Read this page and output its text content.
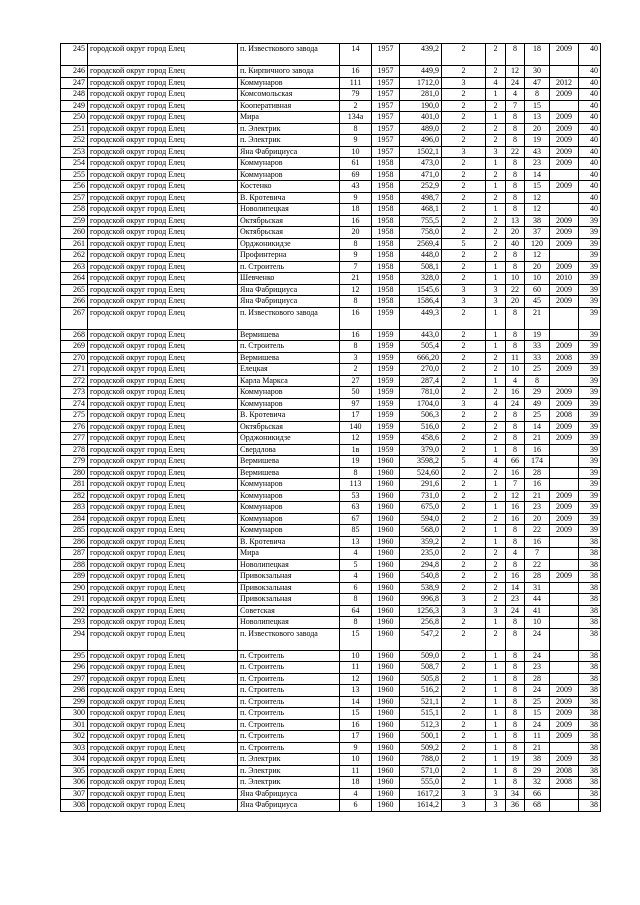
245	городской округ город Елец	п. Известкового завода	14	1957	439,2	2	2	8	18	2009	40
246	городской округ город Елец	п. Кирпичного завода	16	1957	449,9	2	2	12	30		40
247	городской округ город Елец	Коммунаров	111	1957	1712,0	3	4	24	47	2012	40
248	городской округ город Елец	Комсомольская	79	1957	281,0	2	1	4	8	2009	40
249	городской округ город Елец	Кооперативная	2	1957	190,0	2	2	7	15		40
250	городской округ город Елец	Мира	134а	1957	401,0	2	1	8	13	2009	40
251	городской округ город Елец	п. Электрик	8	1957	489,0	2	2	8	20	2009	40
252	городской округ город Елец	п. Электрик	9	1957	496,0	2	2	8	19	2009	40
253	городской округ город Елец	Яна Фабрициуса	10	1957	1502,1	3	3	22	43	2009	40
254	городской округ город Елец	Коммунаров	61	1958	473,0	2	1	8	23	2009	40
255	городской округ город Елец	Коммунаров	69	1958	471,0	2	2	8	14		40
256	городской округ город Елец	Костенко	43	1958	252,9	2	1	8	15	2009	40
257	городской округ город Елец	В. Кротевича	9	1958	498,7	2	2	8	12		40
258	городской округ город Елец	Новолипецкая	18	1958	468,1	2	1	8	12		40
259	городской округ город Елец	Октябрьская	16	1958	755,5	2	2	13	38	2009	39
260	городской округ город Елец	Октябрьская	20	1958	758,0	2	2	20	37	2009	39
261	городской округ город Елец	Орджоникидзе	8	1958	2569,4	5	2	40	120	2009	39
262	городской округ город Елец	Профинтерна	9	1958	448,0	2	2	8	12		39
263	городской округ город Елец	п. Строитель	7	1958	508,1	2	1	8	20	2009	39
264	городской округ город Елец	Шевченко	21	1958	328,0	2	1	10	10	2010	39
265	городской округ город Елец	Яна Фабрициуса	12	1958	1545,6	3	3	22	60	2009	39
266	городской округ город Елец	Яна Фабрициуса	8	1958	1586,4	3	3	20	45	2009	39
267	городской округ город Елец	п. Известкового завода	16	1959	449,3	2	1	8	21		39
268	городской округ город Елец	Вермишева	16	1959	443,0	2	1	8	19		39
269	городской округ город Елец	п. Строитель	8	1959	505,4	2	1	8	33	2009	39
270	городской округ город Елец	Вермишева	3	1959	666,20	2	2	11	33	2008	39
271	городской округ город Елец	Елецкая	2	1959	270,0	2	2	10	25	2009	39
272	городской округ город Елец	Карла Маркса	27	1959	287,4	2	1	4	8		39
273	городской округ город Елец	Коммунаров	50	1959	781,0	2	2	16	29	2009	39
274	городской округ город Елец	Коммунаров	97	1959	1704,0	3	4	24	49	2009	39
275	городской округ город Елец	В. Кротевича	17	1959	506,3	2	2	8	25	2008	39
276	городской округ город Елец	Октябрьская	140	1959	516,0	2	2	8	14	2009	39
277	городской округ город Елец	Орджоникидзе	12	1959	458,6	2	2	8	21	2009	39
278	городской округ город Елец	Свердлова	1в	1959	379,0	2	1	8	16		39
279	городской округ город Елец	Вермишева	19	1960	3598,2	5	4	66	174		39
280	городской округ город Елец	Вермишева	8	1960	524,60	2	2	16	28		39
281	городской округ город Елец	Коммунаров	113	1960	291,6	2	1	7	16		39
282	городской округ город Елец	Коммунаров	53	1960	731,0	2	2	12	21	2009	39
283	городской округ город Елец	Коммунаров	63	1960	675,0	2	1	16	23	2009	39
284	городской округ город Елец	Коммунаров	67	1960	594,0	2	2	16	20	2009	39
285	городской округ город Елец	Коммунаров	85	1960	568,0	2	1	8	22	2009	39
286	городской округ город Елец	В. Кротевича	13	1960	359,2	2	1	8	16		38
287	городской округ город Елец	Мира	4	1960	235,0	2	2	4	7		38
288	городской округ город Елец	Новолипецкая	5	1960	294,8	2	2	8	22		38
289	городской округ город Елец	Привокзальная	4	1960	540,8	2	2	16	28	2009	38
290	городской округ город Елец	Привокзальная	6	1960	538,9	2	2	14	31		38
291	городской округ город Елец	Привокзальная	8	1960	996,8	3	2	23	44		38
292	городской округ город Елец	Советская	64	1960	1256,3	3	3	24	41		38
293	городской округ город Елец	Новолипецкая	8	1960	256,8	2	1	8	10		38
294	городской округ город Елец	п. Известкового завода	15	1960	547,2	2	2	8	24		38
295	городской округ город Елец	п. Строитель	10	1960	509,0	2	1	8	24		38
296	городской округ город Елец	п. Строитель	11	1960	508,7	2	1	8	23		38
297	городской округ город Елец	п. Строитель	12	1960	505,8	2	1	8	28		38
298	городской округ город Елец	п. Строитель	13	1960	516,2	2	1	8	24	2009	38
299	городской округ город Елец	п. Строитель	14	1960	521,1	2	1	8	25	2009	38
300	городской округ город Елец	п. Строитель	15	1960	515,1	2	1	8	15	2009	38
301	городской округ город Елец	п. Строитель	16	1960	512,3	2	1	8	24	2009	38
302	городской округ город Елец	п. Строитель	17	1960	500,1	2	1	8	11	2009	38
303	городской округ город Елец	п. Строитель	9	1960	509,2	2	1	8	21		38
304	городской округ город Елец	п. Электрик	10	1960	788,0	2	1	19	38	2009	38
305	городской округ город Елец	п. Электрик	11	1960	571,0	2	1	8	29	2008	38
306	городской округ город Елец	п. Электрик	18	1960	555,0	2	1	8	32	2008	38
307	городской округ город Елец	Яна Фабрициуса	4	1960	1617,2	3	3	34	66		38
308	городской округ город Елец	Яна Фабрициуса	6	1960	1614,2	3	3	36	68		38
